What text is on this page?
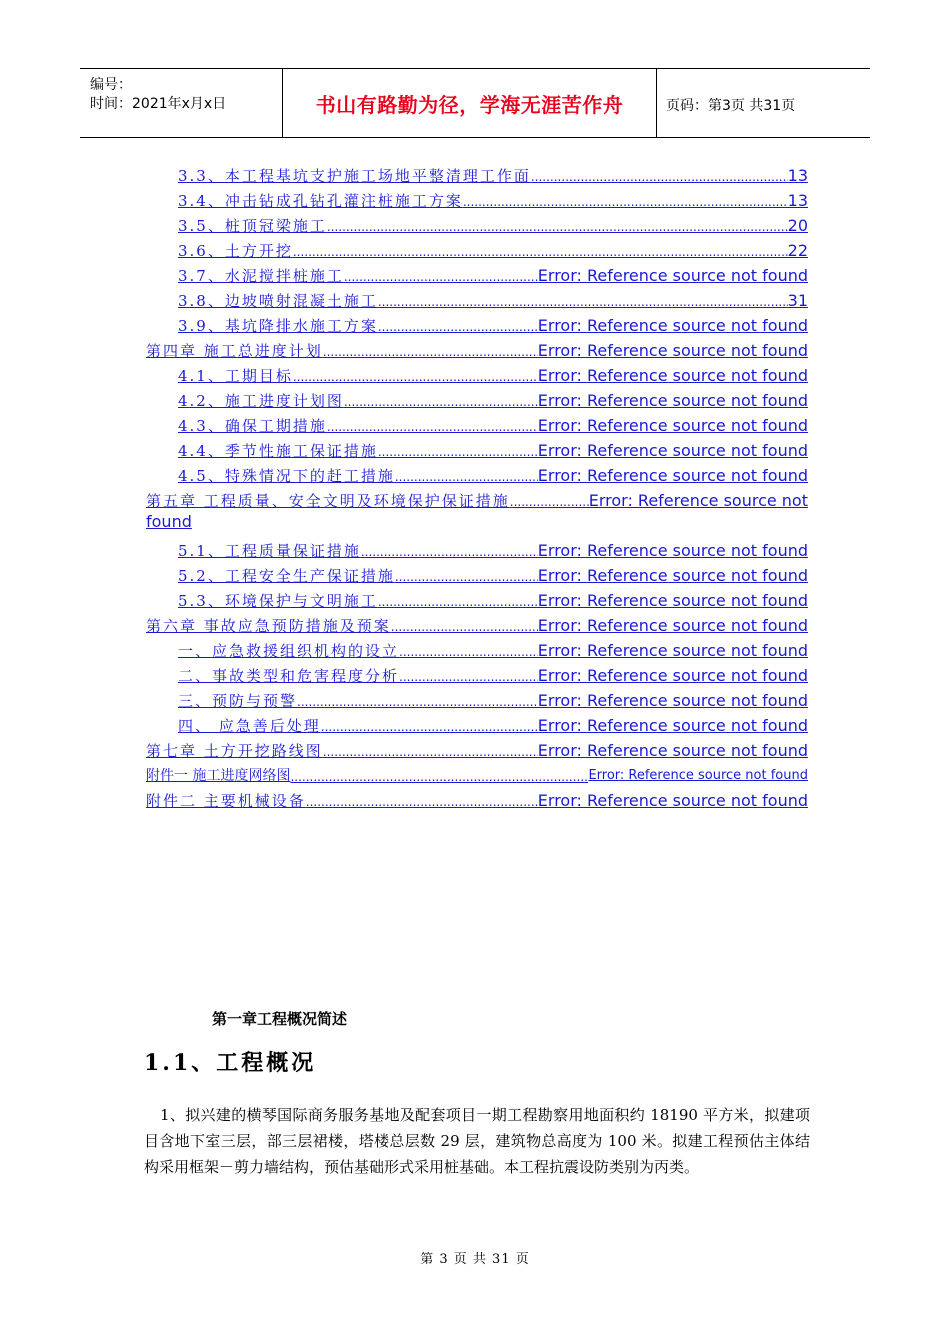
编号：
时间：2021年x月x日	书山有路勤为径，学海无涯苦作舟	页码：第3页 共31页
3.3、本工程基坑支护施工场地平整清理工作面 .....	13
3.4、冲击钻成孔钻孔灌注桩施工方案 .....	13
3.5、桩顶冠梁施工 .....	20
3.6、土方开挖 .....	22
3.7、水泥搅拌桩施工 .....	Error: Reference source not found
3.8、边坡喷射混凝土施工 .....	31
3.9、基坑降排水施工方案 .....	Error: Reference source not found
第四章 施工总进度计划 .....	Error: Reference source not found
4.1、工期目标 .....	Error: Reference source not found
4.2、施工进度计划图 .....	Error: Reference source not found
4.3、确保工期措施 .....	Error: Reference source not found
4.4、季节性施工保证措施 .....	Error: Reference source not found
4.5、特殊情况下的赶工措施 .....	Error: Reference source not found
第五章 工程质量、安全文明及环境保护保证措施 .....	Error: Reference source not
found
5.1、工程质量保证措施 .....	Error: Reference source not found
5.2、工程安全生产保证措施 .....	Error: Reference source not found
5.3、环境保护与文明施工 .....	Error: Reference source not found
第六章 事故应急预防措施及预案 .....	Error: Reference source not found
一、应急救援组织机构的设立 .....	Error: Reference source not found
二、事故类型和危害程度分析 .....	Error: Reference source not found
三、预防与预警 .....	Error: Reference source not found
四、 应急善后处理 .....	Error: Reference source not found
第七章 土方开挖路线图 .....	Error: Reference source not found
附件一 施工进度网络图 .....	Error: Reference source not found
附件二 主要机械设备 .....	Error: Reference source not found
第一章工程概况简述
1.1、工程概况
1、拟兴建的横琴国际商务服务基地及配套项目一期工程勘察用地面积约 18190 平方米，拟建项目含地下室三层，部三层裙楼，塔楼总层数 29 层，建筑物总高度为 100 米。拟建工程预估主体结构采用框架－剪力墙结构，预估基础形式采用桩基础。本工程抗震设防类别为丙类。
第 3 页 共 31 页
